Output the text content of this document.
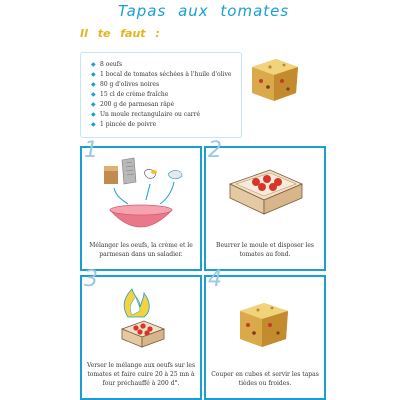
Tapas aux tomates
Il te faut :
◆ 8 oeufs
◆ 1 bocal de tomates séchées à l'huile d'olive
◆ 80 g d'olives noires
◆ 15 cl de crème fraîche
◆ 200 g de parmesan râpé
◆ Un moule rectangulaire ou carré
◆ 1 pincée de poivre
1
Mélanger les oeufs, la crème et le parmesan dans un saladier.
2
Beurrer le moule et disposer les tomates au fond.
3
Verser le mélange aux oeufs sur les tomates et faire cuire 20 à 25 mn à four préchauffé à 200 d°.
4
Couper en cubes et servir les tapas tièdes ou froides.
